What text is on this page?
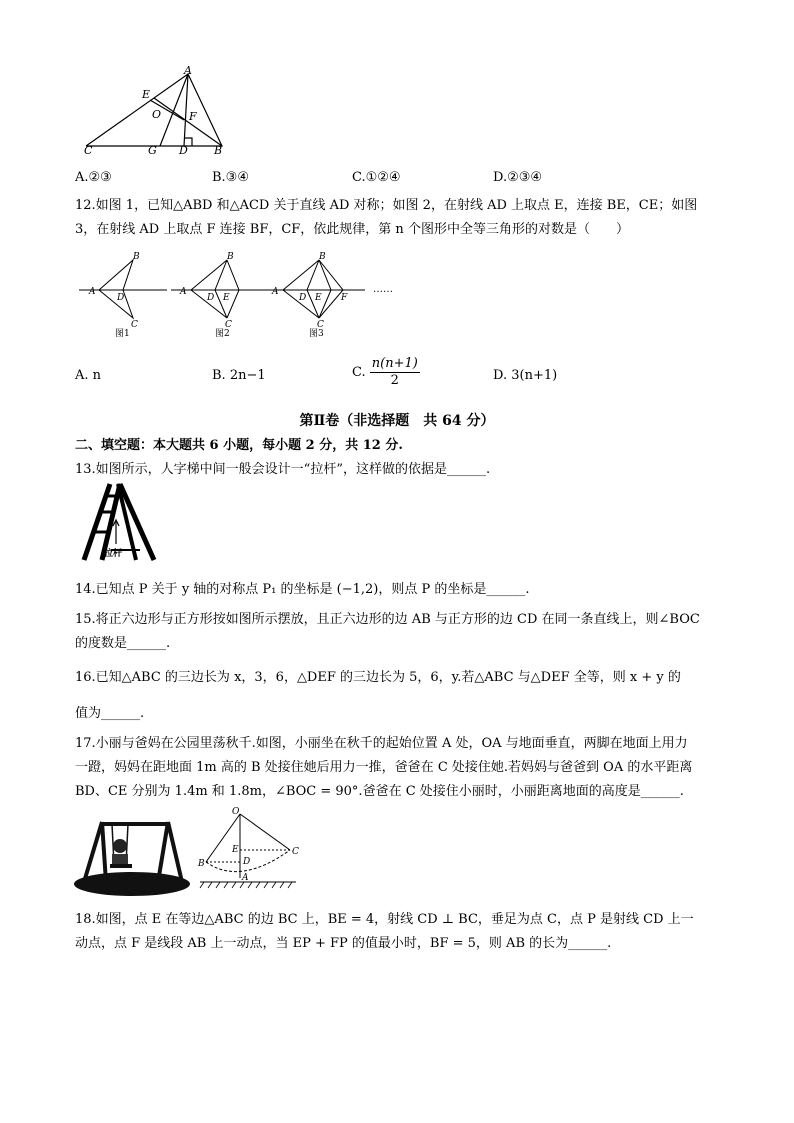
A
E
O	F
C	G D B
A.②③	B.③④	C.①②④	D.②③④
12.如图 1，已知△ABD 和△ACD 关于直线 AD 对称；如图 2，在射线 AD 上取点 E，连接 BE，CE；如图
3，在射线 AD 上取点 F 连接 BF，CF，依此规律，第 n 个图形中全等三角形的对数是（　　）
B
A
D
C
B
A
D E
C
B
A
D E F
C
图1	图2	图3
……
A. n	B. 2n−1	C. $\frac{n(n+1)}{2}$	D. 3(n+1)
第Ⅱ卷（非选择题　共 64 分）
二、填空题：本大题共 6 小题，每小题 2 分，共 12 分.
13.如图所示，人字梯中间一般会设计一“拉杆”，这样做的依据是______.
拉杆
14.已知点 P 关于 y 轴的对称点 P₁ 的坐标是 (−1,2)，则点 P 的坐标是______.
15.将正六边形与正方形按如图所示摆放，且正六边形的边 AB 与正方形的边 CD 在同一条直线上，则∠BOC
的度数是______.
16.已知△ABC 的三边长为 x，3，6，△DEF 的三边长为 5，6，y.若△ABC 与△DEF 全等，则 x + y 的
值为______.
17.小丽与爸妈在公园里荡秋千.如图，小丽坐在秋千的起始位置 A 处，OA 与地面垂直，两脚在地面上用力
一蹬，妈妈在距地面 1m 高的 B 处接住她后用力一推，爸爸在 C 处接住她.若妈妈与爸爸到 OA 的水平距离
BD、CE 分别为 1.4m 和 1.8m，∠BOC = 90°.爸爸在 C 处接住小丽时，小丽距离地面的高度是______.
O
B
C
E
D
A
18.如图，点 E 在等边△ABC 的边 BC 上，BE = 4，射线 CD ⊥ BC，垂足为点 C，点 P 是射线 CD 上一
动点，点 F 是线段 AB 上一动点，当 EP + FP 的值最小时，BF = 5，则 AB 的长为______.
